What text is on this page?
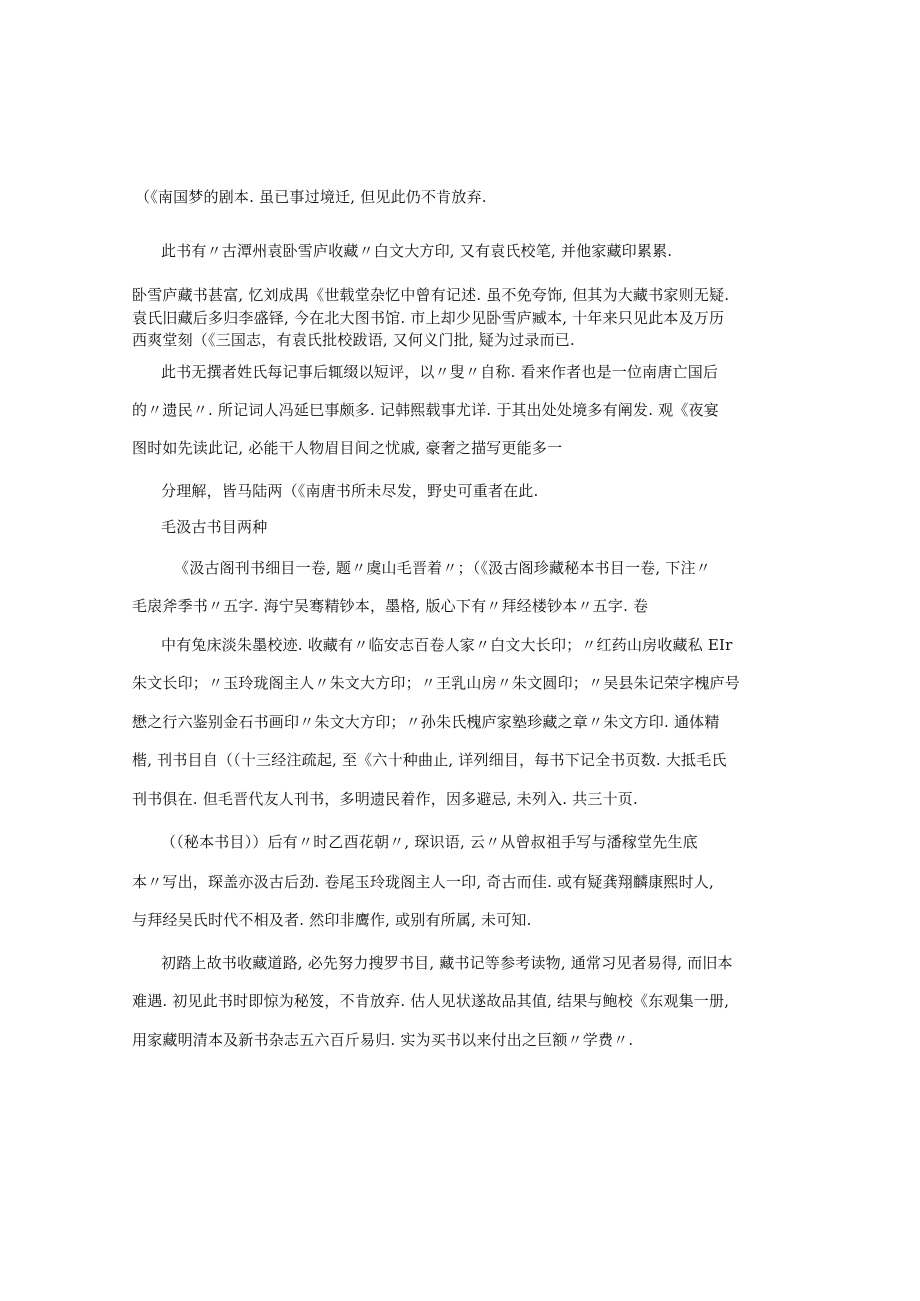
（《南国梦的剧本. 虽已事过境迁, 但见此仍不肯放弃.
此书有〃古潭州袁卧雪庐收藏〃白文大方印, 又有袁氏校笔, 并他家藏印累累.
卧雪庐藏书甚富, 忆刘成禺《世载堂杂忆中曾有记述. 虽不免夸饰, 但其为大藏书家则无疑.
袁氏旧藏后多归李盛铎, 今在北大图书馆. 市上却少见卧雪庐臧本, 十年来只见此本及万历
西爽堂刻（《三国志，有袁氏批校跋语, 又何义门批, 疑为过录而已.
此书无撰者姓氏每记事后辄缀以短评，以〃叟〃自称. 看来作者也是一位南唐亡国后
的〃遗民〃. 所记词人冯延巳事颇多. 记韩熙载事尤详. 于其出处处境多有阐发. 观《夜宴
图时如先读此记, 必能干人物眉目间之忧戚, 豪奢之描写更能多一
分理解，皆马陆两（《南唐书所未尽发，野史可重者在此.
毛汲古书目两种
《汲古阁刊书细目一卷, 题〃虞山毛晋着〃；（《汲古阁珍藏秘本书目一卷, 下注〃
毛扆斧季书〃五字. 海宁吴骞精钞本，墨格, 版心下有〃拜经楼钞本〃五字. 卷
中有兔床淡朱墨校迹. 收藏有〃临安志百卷人家〃白文大长印；〃红药山房收藏私 EIr
朱文长印；〃玉玲珑阁主人〃朱文大方印；〃王乳山房〃朱文圆印；〃吴县朱记荣字槐庐号
懋之行六鉴别金石书画印〃朱文大方印；〃孙朱氏槐庐家塾珍藏之章〃朱文方印. 通体精
楷, 刊书目自（（十三经注疏起, 至《六十种曲止, 详列细目，每书下记全书页数. 大抵毛氏
刊书俱在. 但毛晋代友人刊书，多明遗民着作，因多避忌, 未列入. 共三十页.
（（秘本书目））后有〃时乙酉花朝〃, 琛识语, 云〃从曾叔祖手写与潘稼堂先生底
本〃写出，琛盖亦汲古后劲. 卷尾玉玲珑阁主人一印, 奇古而佳. 或有疑龚翔麟康熙时人,
与拜经吴氏时代不相及者. 然印非鹰作, 或别有所属, 未可知.
初踏上故书收藏道路, 必先努力搜罗书目, 藏书记等参考读物, 通常习见者易得, 而旧本
难遇. 初见此书时即惊为秘笈，不肯放弃. 估人见状遂故品其值, 结果与鲍校《东观集一册,
用家藏明清本及新书杂志五六百斤易归. 实为买书以来付出之巨额〃学费〃.
